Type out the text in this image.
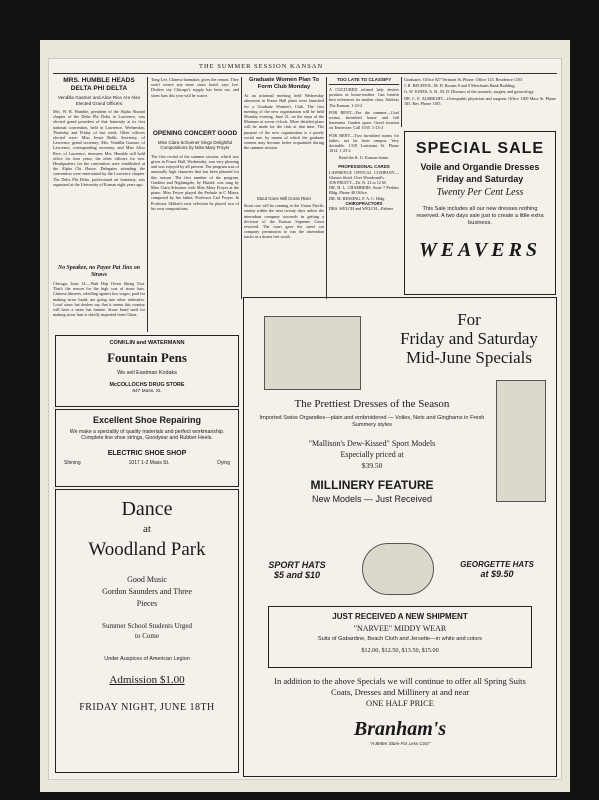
THE SUMMER SESSION KANSAN
MRS. HUMBLE HEADS DELTA PHI DELTA
Vendilla Gasmer and Alice Rice Are Also Elected Grand Officers
Mrs. W. R. Humble, president of the Alpha Alumni chapter of the Delta Phi Delta in Lawrence, was elected grand president of that fraternity at its first national convention, held in Lawrence, Wednesday, Thursday and Friday of last week. Other officers elected were: Miss Jessie Robb, Secretary, of Lawrence, grand secretary; Mrs. Vendilla Gasmer, of Lawrence, corresponding secretary; and Miss Alice Rice, of Lawrence, treasurer. Mrs. Humble will hold office for four years; the other officers for two. Headquarters for the convention were established at the Alpha Chi House. Delegates attending the convention were entertained by the Lawrence chapter. The Delta Phi Delta, professional art fraternity, was organized at the University of Kansas eight years ago.
No Speakee, no Payee Pat Jinx on Straws
Chicago, June 14.—Wah Hop Owen Sheng Tsui. That's the reason for the high cost of straw hats. Chinese laborers, rebelling against low wages, paid for making straw braid, are going into other industries. Local straw hat dealers say that it seems this country will have a straw hat famine. Straw braid used for making straw hats is chiefly imported from China.
Tong Lee, Chinese hatmaker, gives the reason. They won't weave any more straw braid, says Lee. Dealers say Chicago's supply has been cut, and straw hats this year will be scarce.
OPENING CONCERT GOOD
Miss Clara Schoener Sings Delightful Compositions by Miss Mary Froyer
The first recital of the summer session, which was given in Fraser Hall, Wednesday, was very pleasing and was enjoyed by all present. The program was of unusually high character that has been planned for this season. The first number of the program, Gardens and Nightingale, by Harold, was sung by Miss Clara Schoener with Miss Mary Froyer at the piano. Miss Froyer played the Prelude in C Minor, composed by her father, Professor Carl Froyer. In Professor Skilton's next selection he played two of his own compositions.
Graduate Women Plan To Form Club Monday
At an informal meeting held Wednesday afternoon in Fraser Hall plans were launched for a Graduate Women's Club. The first meeting of the new organization will be held Monday evening, June 21, on the steps of the Museum at seven o'clock. More detailed plans will be made for the club at that time. The purpose of the new organization is a purely social one, by means of which the graduate women may become better acquainted during the summer session.
Stout Goes Will Cross River
Stout cars will be running to the Union Pacific station within the next twenty days unless the interurban company succeeds in getting a decision of the Kansas Supreme Court reversed. The court gave the street car company permission to run the interurban tracks in a dozen feet south.
TOO LATE TO CLASSIFY
A CULTURED refined lady desires position as house-mother. Can furnish best references for mother class. Address The Kansan. 1-23-2
FOR RENT—For the summer—Cool rooms, furnished house and full basement. Garden space. Good location on Tennessee. Call 1035. 1-23-2
FOR RENT—Two furnished rooms for ladies, not far from campus. Very desirable. 1318 Louisiana St. Phone 1814. 1-23-2
Read the K. U. Kansan home.
PROFESSIONAL CARDS
LAWRENCE OPTICAL COMPANY—Glasses fitted. Over Woodward's.
JOS PRUITT—Dr. N. 22 to 12 M.
DR. H. L. CHAMBERS, Suite 7 Perkins Bldg. Phone 40 Office.
DR. M. RESSING, F. A. C. Bldg.
CHIROPRACTORS
DRS. WELCH and WELCH—Palmer
Graduates. Office 927 Vermont St. Phone. Office 123. Residence 1103
J. R. BECHTOL, M. D. Rooms 8 and 9 Merchants Bank Building.
G. W. JONES, A. B., M. D. Diseases of the stomach, surgery and gynecology.
DR. C. E. ALBRIGHT—Osteopathic physician and surgeon. Office 1309 Mass St. Phone 185. Res. Phone 1185.
SPECIAL SALE
Voile and Organdie Dresses
Friday and Saturday
Twenty Per Cent Less
This Sale includes all our new dresses nothing reserved. A two days sale just to create a little extra business.
WEAVERS
CONKLIN and WATERMANN
Fountain Pens
We sell Eastman Kodaks
McCOLLOCHS DRUG STORE
847 Mass. St.
Excellent Shoe Repairing
We make a speciality of quality materials and perfect workmanship. Complete line shoe strings, Goodyear and Rubber Heels.
ELECTRIC SHOE SHOP
Shining	1017 1-2 Mass St.	Dying
Dance
at
Woodland Park
Good Music
Gordon Saunders and Three
Pieces
Summer School Students Urged
to Come
Under Auspices of American Legion
Admission $1.00
FRIDAY NIGHT, JUNE 18TH
For
Friday and Saturday
Mid-June Specials
The Prettiest Dresses of the Season
Imported Swiss Organdies—plain and embroidered — Voiles, Nets and Ginghams in Fresh Summery styles
"Mallison's Dew-Kissed" Sport Models
Especially priced at
$39.50
MILLINERY FEATURE
New Models — Just Received
SPORT HATS
$5 and $10
GEORGETTE HATS
at $9.50
JUST RECEIVED A NEW SHIPMENT
"NARVEE" MIDDY WEAR
Suits of Gabardine, Beach Cloth and Jersette—in white and colors
$12.00, $12.50, $13.50, $15.00
In addition to the above Specials we will continue to offer all Spring Suits
Coats, Dresses and Millinery at and near
ONE HALF PRICE
Branham's
"A Better Store For Less Cost"
